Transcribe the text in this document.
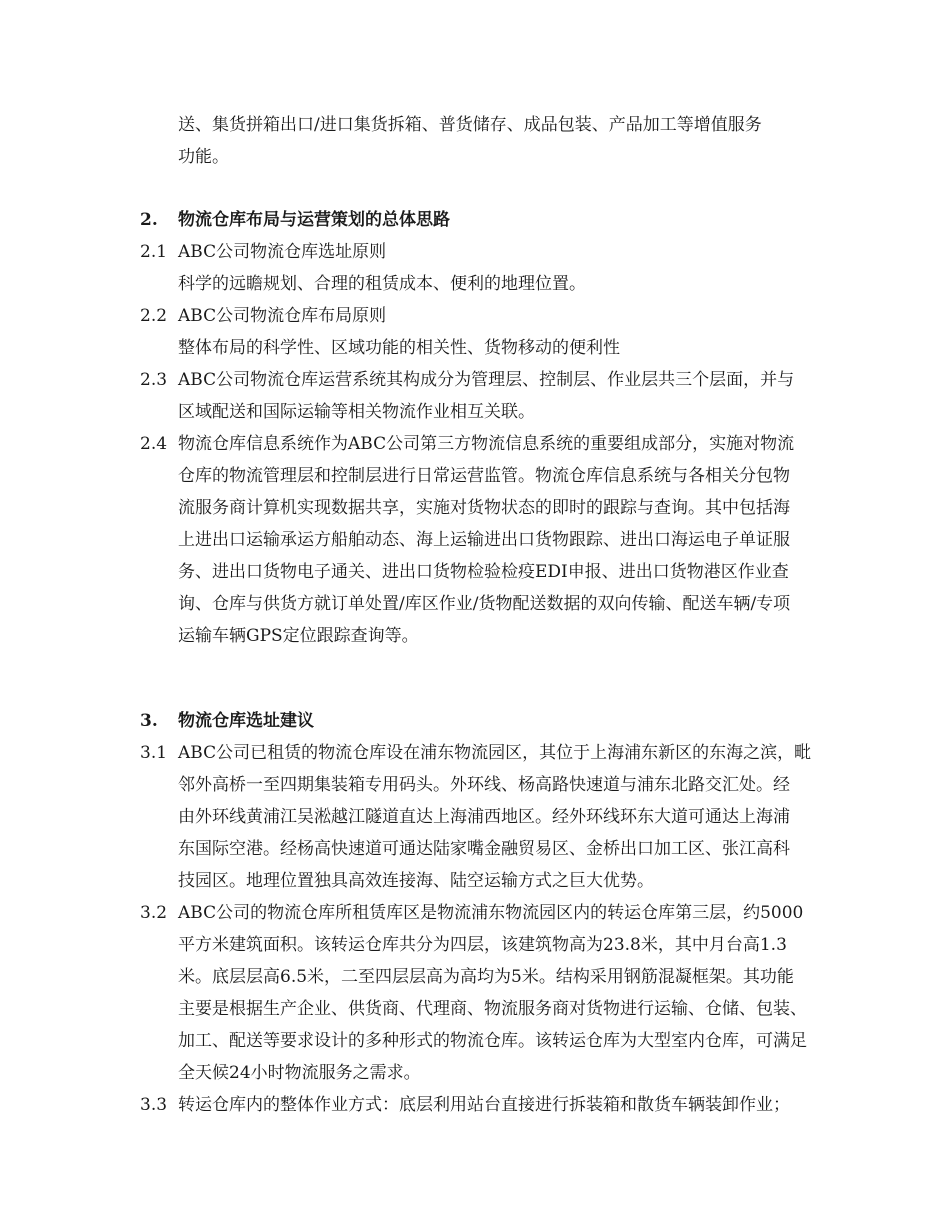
送、集货拼箱出口/进口集货拆箱、普货储存、成品包装、产品加工等增值服务
功能。
2. 物流仓库布局与运营策划的总体思路
2.1 ABC公司物流仓库选址原则
科学的远瞻规划、合理的租赁成本、便利的地理位置。
2.2 ABC公司物流仓库布局原则
整体布局的科学性、区域功能的相关性、货物移动的便利性
2.3 ABC公司物流仓库运营系统其构成分为管理层、控制层、作业层共三个层面，并与
区域配送和国际运输等相关物流作业相互关联。
2.4 物流仓库信息系统作为ABC公司第三方物流信息系统的重要组成部分，实施对物流
仓库的物流管理层和控制层进行日常运营监管。物流仓库信息系统与各相关分包物
流服务商计算机实现数据共享，实施对货物状态的即时的跟踪与查询。其中包括海
上进出口运输承运方船舶动态、海上运输进出口货物跟踪、进出口海运电子单证服
务、进出口货物电子通关、进出口货物检验检疫EDI申报、进出口货物港区作业查
询、仓库与供货方就订单处置/库区作业/货物配送数据的双向传输、配送车辆/专项
运输车辆GPS定位跟踪查询等。
3. 物流仓库选址建议
3.1 ABC公司已租赁的物流仓库设在浦东物流园区，其位于上海浦东新区的东海之滨，毗
邻外高桥一至四期集装箱专用码头。外环线、杨高路快速道与浦东北路交汇处。经
由外环线黄浦江吴淞越江隧道直达上海浦西地区。经外环线环东大道可通达上海浦
东国际空港。经杨高快速道可通达陆家嘴金融贸易区、金桥出口加工区、张江高科
技园区。地理位置独具高效连接海、陆空运输方式之巨大优势。
3.2 ABC公司的物流仓库所租赁库区是物流浦东物流园区内的转运仓库第三层，约5000
平方米建筑面积。该转运仓库共分为四层，该建筑物高为23.8米，其中月台高1.3
米。底层层高6.5米，二至四层层高为高均为5米。结构采用钢筋混凝框架。其功能
主要是根据生产企业、供货商、代理商、物流服务商对货物进行运输、仓储、包装、
加工、配送等要求设计的多种形式的物流仓库。该转运仓库为大型室内仓库，可满足
全天候24小时物流服务之需求。
3.3 转运仓库内的整体作业方式：底层利用站台直接进行拆装箱和散货车辆装卸作业；
